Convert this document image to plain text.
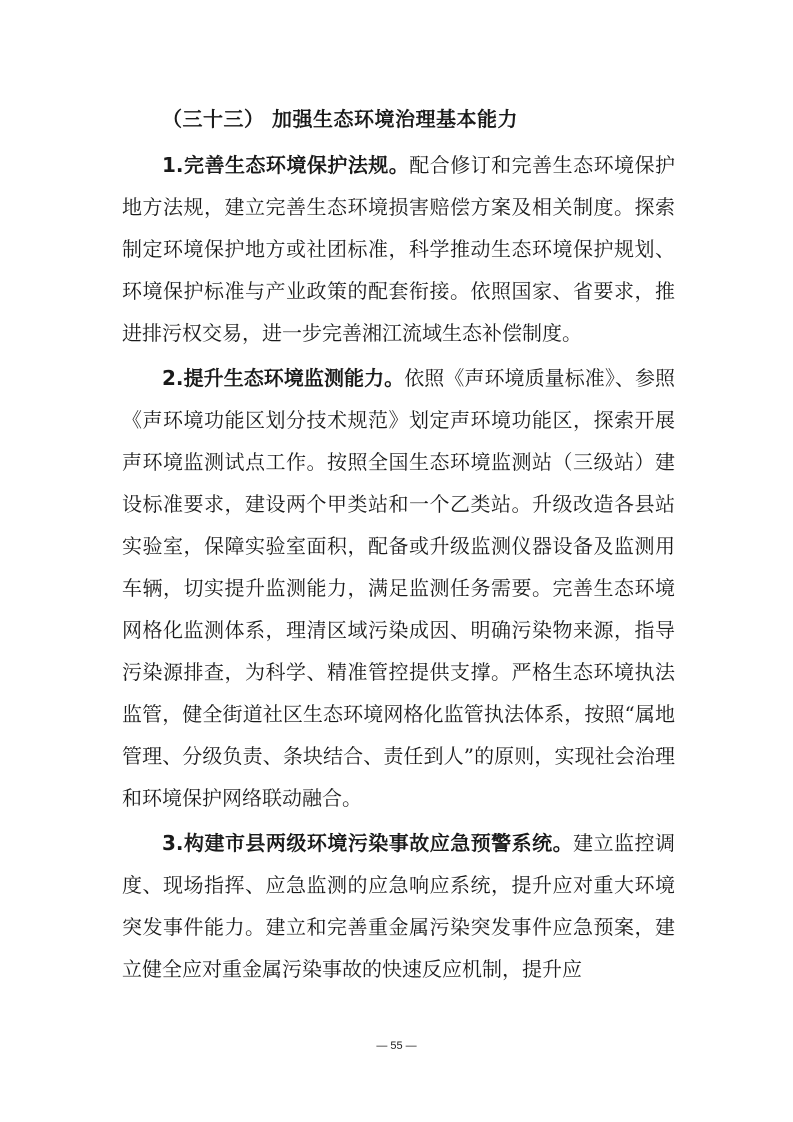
（三十三） 加强生态环境治理基本能力

1.完善生态环境保护法规。配合修订和完善生态环境保护地方法规，建立完善生态环境损害赔偿方案及相关制度。探索制定环境保护地方或社团标准，科学推动生态环境保护规划、环境保护标准与产业政策的配套衔接。依照国家、省要求，推进排污权交易，进一步完善湘江流域生态补偿制度。

2.提升生态环境监测能力。依照《声环境质量标准》、参照《声环境功能区划分技术规范》划定声环境功能区，探索开展声环境监测试点工作。按照全国生态环境监测站（三级站）建设标准要求，建设两个甲类站和一个乙类站。升级改造各县站实验室，保障实验室面积，配备或升级监测仪器设备及监测用车辆，切实提升监测能力，满足监测任务需要。完善生态环境网格化监测体系，理清区域污染成因、明确污染物来源，指导污染源排查，为科学、精准管控提供支撑。严格生态环境执法监管，健全街道社区生态环境网格化监管执法体系，按照“属地管理、分级负责、条块结合、责任到人”的原则，实现社会治理和环境保护网络联动融合。

3.构建市县两级环境污染事故应急预警系统。建立监控调度、现场指挥、应急监测的应急响应系统，提升应对重大环境突发事件能力。建立和完善重金属污染突发事件应急预案，建立健全应对重金属污染事故的快速反应机制，提升应

— 55 —
